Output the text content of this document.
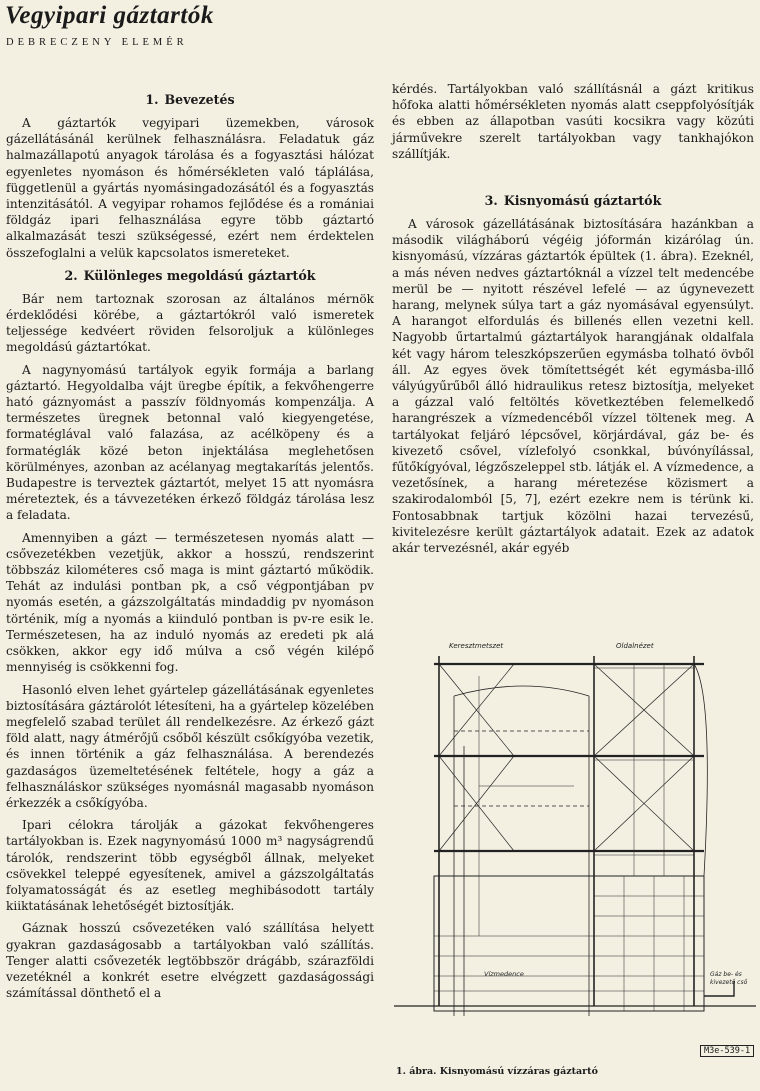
Vegyipari gáztartók
DEBRECZENY ELEMÉR
1. Bevezetés

A gáztartók vegyipari üzemekben, városok gázellátásánál kerülnek felhasználásra. Feladatuk gáz halmazállapotú anyagok tárolása és a fogyasztási hálózat egyenletes nyomáson és hőmérsékleten való táplálása, függetlenül a gyártás nyomásingadozásától és a fogyasztás intenzitásától. A vegyipar rohamos fejlődése és a romániai földgáz ipari felhasználása egyre több gáztartó alkalmazását teszi szükségessé, ezért nem érdektelen összefoglalni a velük kapcsolatos ismereteket.

2. Különleges megoldású gáztartók

Bár nem tartoznak szorosan az általános mérnök érdeklődési körébe, a gáztartókról való ismeretek teljessége kedvéert röviden felsoroljuk a különleges megoldású gáztartókat.

A nagynyomású tartályok egyik formája a barlang gáztartó. Hegyoldalba vájt üregbe építik, a fekvőhengerre ható gáznyomást a passzív földnyomás kompenzálja. A természetes üregnek betonnal való kiegyengetése, formatéglával való falazása, az acélköpeny és a formatéglák közé beton injektálása meglehetősen körülményes, azonban az acélanyag megtakarítás jelentős. Budapestre is terveztek gáztartót, melyet 15 att nyomásra méreteztek, és a távvezetéken érkező földgáz tárolása lesz a feladata.

Amennyiben a gázt — természetesen nyomás alatt — csővezetékben vezetjük, akkor a hosszú, rendszerint többszáz kilométeres cső maga is mint gáztartó működik. Tehát az indulási pontban pk, a cső végpontjában pv nyomás esetén, a gázszolgáltatás mindaddig pv nyomáson történik, míg a nyomás a kiinduló pontban is pv-re esik le. Természetesen, ha az induló nyomás az eredeti pk alá csökken, akkor egy idő múlva a cső végén kilépő mennyiség is csökkenni fog.

Hasonló elven lehet gyártelep gázellátásának egyenletes biztosítására gáztárolót létesíteni, ha a gyártelep közelében megfelelő szabad terület áll rendelkezésre. Az érkező gázt föld alatt, nagy átmérőjű csőből készült csőkígyóba vezetik, és innen történik a gáz felhasználása. A berendezés gazdaságos üzemeltetésének feltétele, hogy a gáz a felhasználáskor szükséges nyomásnál magasabb nyomáson érkezzék a csőkígyóba.

Ipari célokra tárolják a gázokat fekvőhengeres tartályokban is. Ezek nagynyomású 1000 m³ nagyságrendű tárolók, rendszerint több egységből állnak, melyeket csövekkel teleppé egyesítenek, amivel a gázszolgáltatás folyamatosságát és az esetleg meghibásodott tartály kiiktatásának lehetőségét biztosítják.

Gáznak hosszú csővezetéken való szállítása helyett gyakran gazdaságosabb a tartályokban való szállítás. Tenger alatti csővezeték legtöbbször drágább, szárazföldi vezetéknél a konkrét esetre elvégzett gazdaságossági számítással dönthető el a

kérdés. Tartályokban való szállításnál a gázt kritikus hőfoka alatti hőmérsékleten nyomás alatt cseppfolyósítják és ebben az állapotban vasúti kocsikra vagy közúti járművekre szerelt tartályokban vagy tankhajókon szállítják.

3. Kisnyomású gáztartók

A városok gázellátásának biztosítására hazánkban a második világháború végéig jóformán kizárólag ún. kisnyomású, vízzáras gáztartók épültek (1. ábra). Ezeknél, a más néven nedves gáztartóknál a vízzel telt medencébe merül be — nyitott részével lefelé — az úgynevezett harang, melynek súlya tart a gáz nyomásával egyensúlyt. A harangot elfordulás és billenés ellen vezetni kell. Nagyobb űrtartalmú gáztartályok harangjának oldalfala két vagy három teleszkópszerűen egymásba tolható övből áll. Az egyes övek tömítettségét két egymásba-illő vályúgyűrűből álló hidraulikus retesz biztosítja, melyeket a gázzal való feltöltés következtében felemelkedő harangrészek a vízmedencéből vízzel töltenek meg. A tartályokat feljáró lépcsővel, körjárdával, gáz be- és kivezető csővel, vízlefolyó csonkkal, búvónyílással, fűtőkígyóval, légzőszeleppel stb. látják el. A vízmedence, a vezetősínek, a harang méretezése közismert a szakirodalomból [5, 7], ezért ezekre nem is térünk ki. Fontosabbnak tartjuk közölni hazai tervezésű, kivitelezésre került gáztartályok adatait. Ezek az adatok akár tervezésnél, akár egyéb

Keresztmetszet	Oldalnézet
Vízmedence	Gáz be- és
kivezető cső
M3e-539-1
1. ábra. Kisnyomású vízzáras gáztartó
